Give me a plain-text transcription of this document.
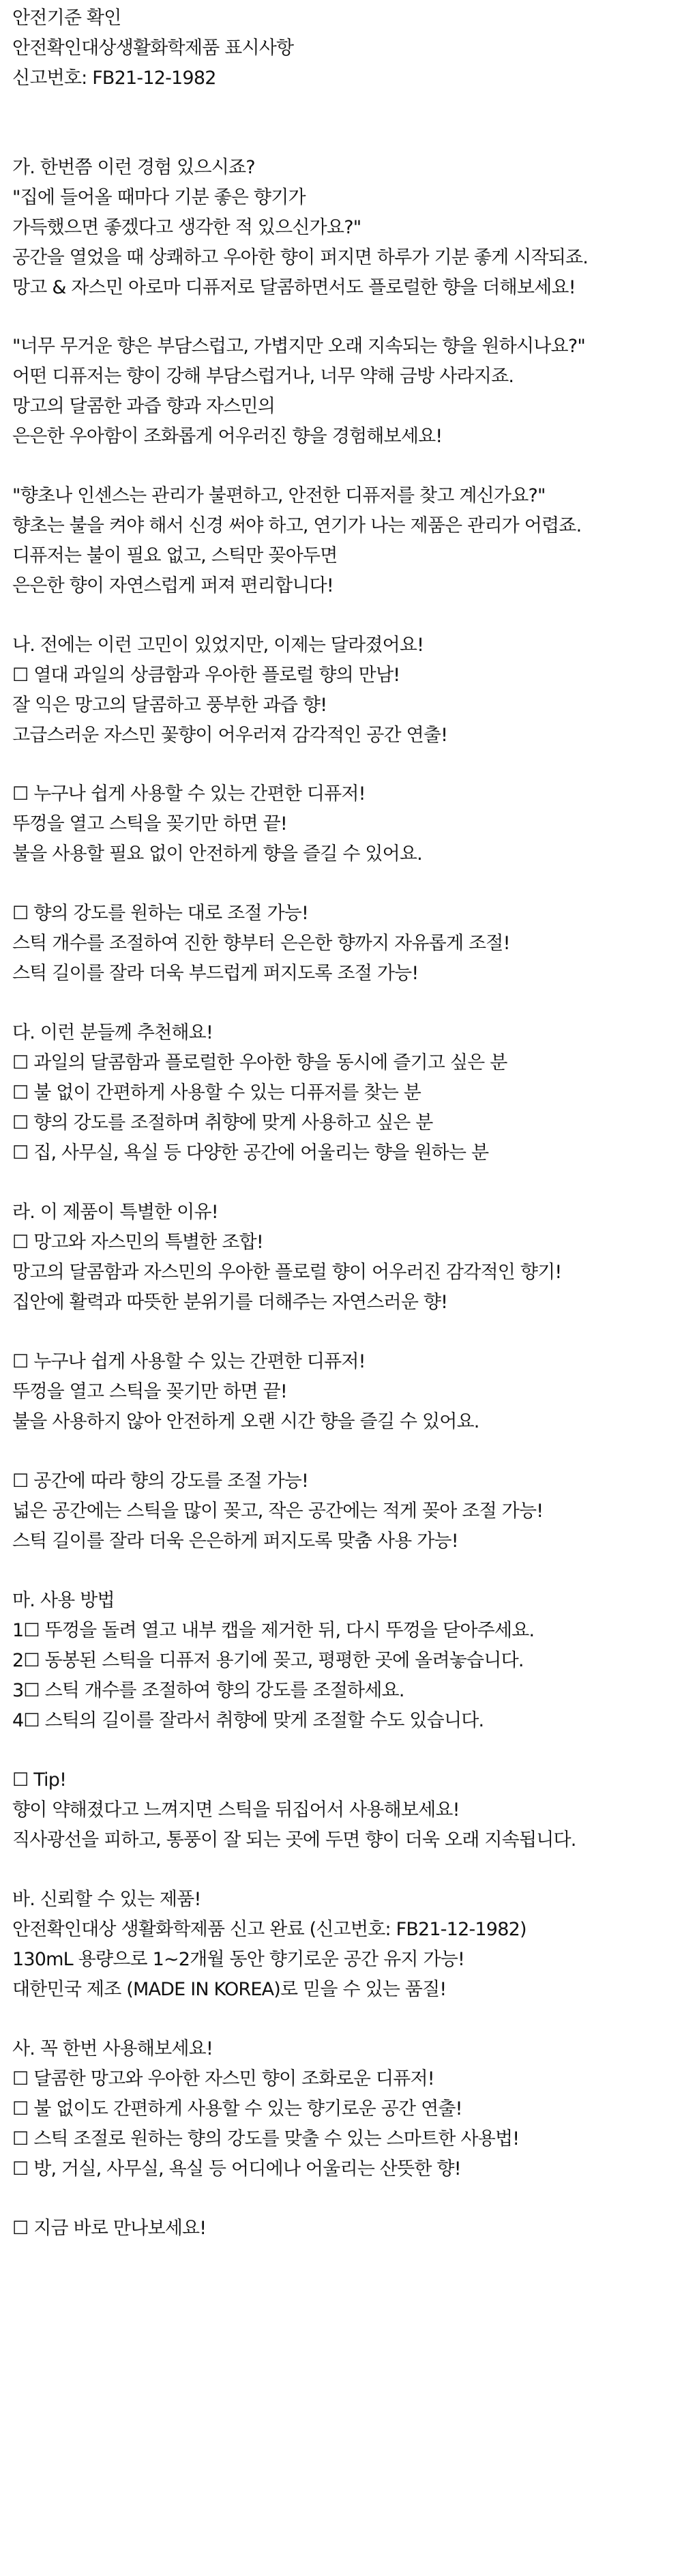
안전기준 확인
안전확인대상생활화학제품 표시사항
신고번호: FB21-12-1982
가. 한번쯤 이런 경험 있으시죠?
"집에 들어올 때마다 기분 좋은 향기가
가득했으면 좋겠다고 생각한 적 있으신가요?"
공간을 열었을 때 상쾌하고 우아한 향이 퍼지면 하루가 기분 좋게 시작되죠.
망고 & 자스민 아로마 디퓨저로 달콤하면서도 플로럴한 향을 더해보세요!
"너무 무거운 향은 부담스럽고, 가볍지만 오래 지속되는 향을 원하시나요?"
어떤 디퓨저는 향이 강해 부담스럽거나, 너무 약해 금방 사라지죠.
망고의 달콤한 과즙 향과 자스민의
은은한 우아함이 조화롭게 어우러진 향을 경험해보세요!
"향초나 인센스는 관리가 불편하고, 안전한 디퓨저를 찾고 계신가요?"
향초는 불을 켜야 해서 신경 써야 하고, 연기가 나는 제품은 관리가 어렵죠.
디퓨저는 불이 필요 없고, 스틱만 꽂아두면
은은한 향이 자연스럽게 퍼져 편리합니다!
나. 전에는 이런 고민이 있었지만, 이제는 달라졌어요!
☐ 열대 과일의 상큼함과 우아한 플로럴 향의 만남!
잘 익은 망고의 달콤하고 풍부한 과즙 향!
고급스러운 자스민 꽃향이 어우러져 감각적인 공간 연출!
☐ 누구나 쉽게 사용할 수 있는 간편한 디퓨저!
뚜껑을 열고 스틱을 꽂기만 하면 끝!
불을 사용할 필요 없이 안전하게 향을 즐길 수 있어요.
☐ 향의 강도를 원하는 대로 조절 가능!
스틱 개수를 조절하여 진한 향부터 은은한 향까지 자유롭게 조절!
스틱 길이를 잘라 더욱 부드럽게 퍼지도록 조절 가능!
다. 이런 분들께 추천해요!
☐ 과일의 달콤함과 플로럴한 우아한 향을 동시에 즐기고 싶은 분
☐ 불 없이 간편하게 사용할 수 있는 디퓨저를 찾는 분
☐ 향의 강도를 조절하며 취향에 맞게 사용하고 싶은 분
☐ 집, 사무실, 욕실 등 다양한 공간에 어울리는 향을 원하는 분
라. 이 제품이 특별한 이유!
☐ 망고와 자스민의 특별한 조합!
망고의 달콤함과 자스민의 우아한 플로럴 향이 어우러진 감각적인 향기!
집안에 활력과 따뜻한 분위기를 더해주는 자연스러운 향!
☐ 누구나 쉽게 사용할 수 있는 간편한 디퓨저!
뚜껑을 열고 스틱을 꽂기만 하면 끝!
불을 사용하지 않아 안전하게 오랜 시간 향을 즐길 수 있어요.
☐ 공간에 따라 향의 강도를 조절 가능!
넓은 공간에는 스틱을 많이 꽂고, 작은 공간에는 적게 꽂아 조절 가능!
스틱 길이를 잘라 더욱 은은하게 퍼지도록 맞춤 사용 가능!
마. 사용 방법
1☐ 뚜껑을 돌려 열고 내부 캡을 제거한 뒤, 다시 뚜껑을 닫아주세요.
2☐ 동봉된 스틱을 디퓨저 용기에 꽂고, 평평한 곳에 올려놓습니다.
3☐ 스틱 개수를 조절하여 향의 강도를 조절하세요.
4☐ 스틱의 길이를 잘라서 취향에 맞게 조절할 수도 있습니다.
☐ Tip!
향이 약해졌다고 느껴지면 스틱을 뒤집어서 사용해보세요!
직사광선을 피하고, 통풍이 잘 되는 곳에 두면 향이 더욱 오래 지속됩니다.
바. 신뢰할 수 있는 제품!
안전확인대상 생활화학제품 신고 완료 (신고번호: FB21-12-1982)
130mL 용량으로 1~2개월 동안 향기로운 공간 유지 가능!
대한민국 제조 (MADE IN KOREA)로 믿을 수 있는 품질!
사. 꼭 한번 사용해보세요!
☐ 달콤한 망고와 우아한 자스민 향이 조화로운 디퓨저!
☐ 불 없이도 간편하게 사용할 수 있는 향기로운 공간 연출!
☐ 스틱 조절로 원하는 향의 강도를 맞출 수 있는 스마트한 사용법!
☐ 방, 거실, 사무실, 욕실 등 어디에나 어울리는 산뜻한 향!
☐ 지금 바로 만나보세요!
